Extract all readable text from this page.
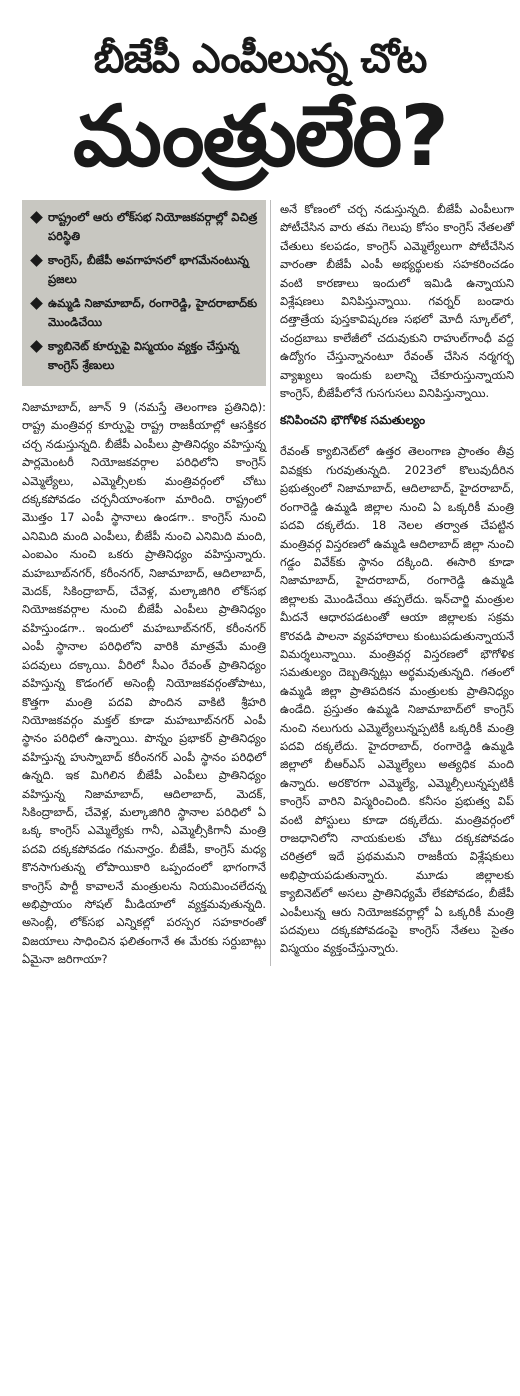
బీజేపీ ఎంపీలున్న చోట
మంత్రులేరి?
రాష్ట్రంలో ఆరు లోక్‌సభ నియోజకవర్గాల్లో విచిత్ర పరిస్థితి
కాంగ్రెస్, బీజేపీ అవగాహనలో భాగమేనంటున్న ప్రజలు
ఉమ్మడి నిజామాబాద్, రంగారెడ్డి, హైదరాబాద్‌కు మొండిచేయి
క్యాబినెట్ కూర్పుపై విస్మయం వ్యక్తం చేస్తున్న కాంగ్రెస్ శ్రేణులు

నిజామాబాద్, జూన్ 9 (నమస్తే తెలంగాణ ప్రతినిధి): రాష్ట్ర మంత్రివర్గ కూర్పుపై రాష్ట్ర రాజకీయాల్లో ఆసక్తికర చర్చ నడుస్తున్నది. బీజేపీ ఎంపీలు ప్రాతినిధ్యం వహిస్తున్న పార్లమెంటరీ నియోజకవర్గాల పరిధిలోని కాంగ్రెస్ ఎమ్మెల్యేలు, ఎమ్మెల్సీలకు మంత్రివర్గంలో చోటు దక్కకపోవడం చర్చనీయాంశంగా మారింది. రాష్ట్రంలో మొత్తం 17 ఎంపీ స్థానాలు ఉండగా.. కాంగ్రెస్ నుంచి ఎనిమిది మంది ఎంపీలు, బీజేపీ నుంచి ఎనిమిది మంది, ఎంఐఎం నుంచి ఒకరు ప్రాతినిధ్యం వహిస్తున్నారు. మహబూబ్‌నగర్, కరీంనగర్, నిజామాబాద్, ఆదిలాబాద్, మెదక్, సికింద్రాబాద్, చేవెళ్ల, మల్కాజిగిరి లోక్‌సభ నియోజకవర్గాల నుంచి బీజేపీ ఎంపీలు ప్రాతినిధ్యం వహిస్తుండగా.. ఇందులో మహబూబ్‌నగర్, కరీంనగర్ ఎంపీ స్థానాల పరిధిలోని వారికి మాత్రమే మంత్రి పదవులు దక్కాయి. వీరిలో సీఎం రేవంత్ ప్రాతినిధ్యం వహిస్తున్న కొడంగల్ అసెంబ్లీ నియోజకవర్గంతోపాటు, కొత్తగా మంత్రి పదవి పొందిన వాకిటి శ్రీహరి నియోజకవర్గం మక్తల్ కూడా మహబూబ్‌నగర్ ఎంపీ స్థానం పరిధిలో ఉన్నాయి. పొన్నం ప్రభాకర్ ప్రాతినిధ్యం వహిస్తున్న హుస్నాబాద్ కరీంనగర్ ఎంపీ స్థానం పరిధిలో ఉన్నది. ఇక మిగిలిన బీజేపీ ఎంపీలు ప్రాతినిధ్యం వహిస్తున్న నిజామాబాద్, ఆదిలాబాద్, మెదక్, సికింద్రాబాద్, చేవెళ్ల, మల్కాజిగిరి స్థానాల పరిధిలో ఏ ఒక్క కాంగ్రెస్ ఎమ్మెల్యేకు గానీ, ఎమ్మెల్సీకిగానీ మంత్రి పదవి దక్కకపోవడం గమనార్హం. బీజేపీ, కాంగ్రెస్ మధ్య కొనసాగుతున్న లోపాయికారి ఒప్పందంలో భాగంగానే కాంగ్రెస్ పార్టీ కావాలనే మంత్రులను నియమించలేదన్న అభిప్రాయం సోషల్ మీడియాలో వ్యక్తమవుతున్నది. అసెంబ్లీ, లోక్‌సభ ఎన్నికల్లో పరస్పర సహకారంతో విజయాలు సాధించిన ఫలితంగానే ఈ మేరకు సర్దుబాట్లు ఏమైనా జరిగాయా?

అనే కోణంలో చర్చ నడుస్తున్నది. బీజేపీ ఎంపీలుగా పోటీచేసిన వారు తమ గెలుపు కోసం కాంగ్రెస్ నేతలతో చేతులు కలపడం, కాంగ్రెస్ ఎమ్మెల్యేలుగా పోటీచేసిన వారంతా బీజేపీ ఎంపీ అభ్యర్థులకు సహకరించడం వంటి కారణాలు ఇందులో ఇమిడి ఉన్నాయని విశ్లేషణలు వినిపిస్తున్నాయి. గవర్నర్ బండారు దత్తాత్రేయ పుస్తకావిష్కరణ సభలో మోదీ స్కూల్‌లో, చంద్రబాబు కాలేజీలో చదువుకుని రాహుల్‌గాంధీ వద్ద ఉద్యోగం చేస్తున్నానంటూ రేవంత్ చేసిన నర్మగర్భ వ్యాఖ్యలు ఇందుకు బలాన్ని చేకూరుస్తున్నాయని కాంగ్రెస్, బీజేపీలోనే గుసగుసలు వినిపిస్తున్నాయి.

కనిపించని భౌగోళిక సమతుల్యం

రేవంత్ క్యాబినెట్‌లో ఉత్తర తెలంగాణ ప్రాంతం తీవ్ర వివక్షకు గురవుతున్నది. 2023లో కొలువుదీరిన ప్రభుత్వంలో నిజామాబాద్, ఆదిలాబాద్, హైదరాబాద్, రంగారెడ్డి ఉమ్మడి జిల్లాల నుంచి ఏ ఒక్కరికీ మంత్రి పదవి దక్కలేదు. 18 నెలల తర్వాత చేపట్టిన మంత్రివర్గ విస్తరణలో ఉమ్మడి ఆదిలాబాద్ జిల్లా నుంచి గడ్డం వివేక్‌కు స్థానం దక్కింది. ఈసారి కూడా నిజామాబాద్, హైదరాబాద్, రంగారెడ్డి ఉమ్మడి జిల్లాలకు మొండిచేయి తప్పలేదు. ఇన్‌చార్జి మంత్రుల మీదనే ఆధారపడటంతో ఆయా జిల్లాలకు సక్రమ కొరవడి పాలనా వ్యవహారాలు కుంటుపడుతున్నాయనే విమర్శలున్నాయి. మంత్రివర్గ విస్తరణలో భౌగోళిక సమతుల్యం దెబ్బతిన్నట్లు అర్థమవుతున్నది. గతంలో ఉమ్మడి జిల్లా ప్రాతిపదికన మంత్రులకు ప్రాతినిధ్యం ఉండేది. ప్రస్తుతం ఉమ్మడి నిజామాబాద్‌లో కాంగ్రెస్ నుంచి నలుగురు ఎమ్మెల్యేలున్నప్పటికీ ఒక్కరికీ మంత్రి పదవి దక్కలేదు. హైదరాబాద్, రంగారెడ్డి ఉమ్మడి జిల్లాలో బీఆర్ఎస్ ఎమ్మెల్యేలు అత్యధిక మంది ఉన్నారు. అరకొరగా ఎమ్మెల్యే, ఎమ్మెల్సీలున్నప్పటికీ కాంగ్రెస్ వారిని విస్మరించింది. కనీసం ప్రభుత్వ విప్ వంటి పోస్టులు కూడా దక్కలేదు. మంత్రివర్గంలో రాజధానిలోని నాయకులకు చోటు దక్కకపోవడం చరిత్రలో ఇదే ప్రథమమని రాజకీయ విశ్లేషకులు అభిప్రాయపడుతున్నారు. మూడు జిల్లాలకు క్యాబినెట్‌లో అసలు ప్రాతినిధ్యమే లేకపోవడం, బీజేపీ ఎంపీలున్న ఆరు నియోజకవర్గాల్లో ఏ ఒక్కరికీ మంత్రి పదవులు దక్కకపోవడంపై కాంగ్రెస్ నేతలు సైతం విస్మయం వ్యక్తంచేస్తున్నారు.
